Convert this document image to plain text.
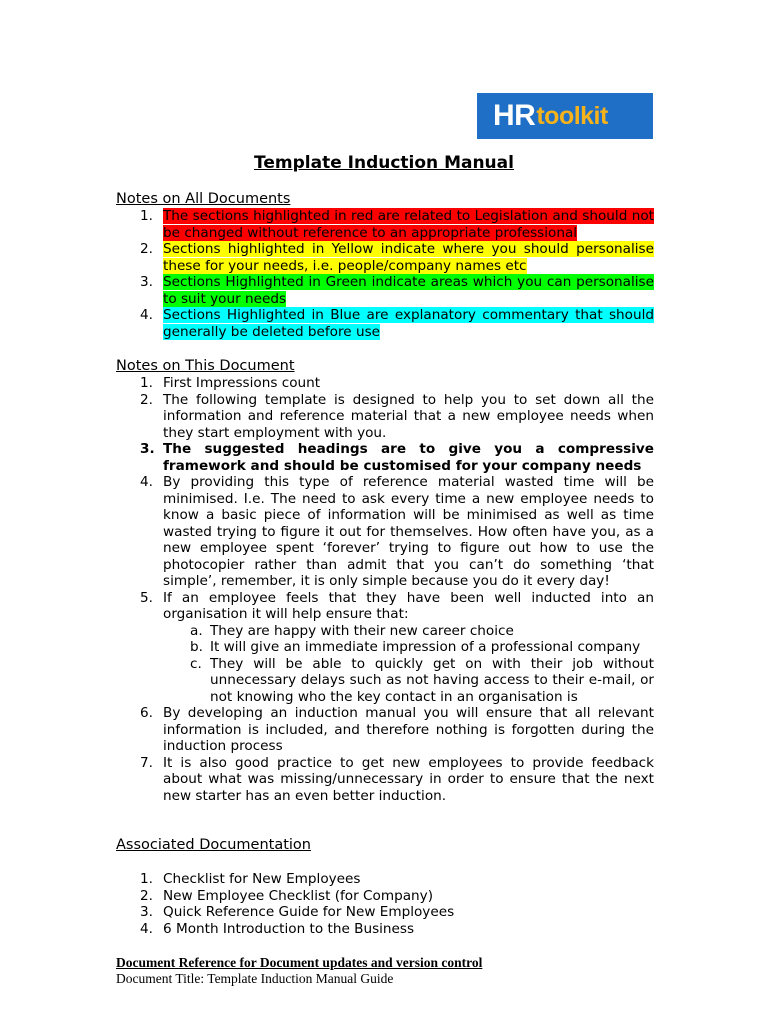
HR toolkit
Template Induction Manual
Notes on All Documents
1. The sections highlighted in red are related to Legislation and should not be changed without reference to an appropriate professional
2. Sections highlighted in Yellow indicate where you should personalise these for your needs, i.e. people/company names etc
3. Sections Highlighted in Green indicate areas which you can personalise to suit your needs
4. Sections Highlighted in Blue are explanatory commentary that should generally be deleted before use
Notes on This Document
1. First Impressions count
2. The following template is designed to help you to set down all the information and reference material that a new employee needs when they start employment with you.
3. The suggested headings are to give you a compressive framework and should be customised for your company needs
4. By providing this type of reference material wasted time will be minimised. I.e. The need to ask every time a new employee needs to know a basic piece of information will be minimised as well as time wasted trying to figure it out for themselves. How often have you, as a new employee spent ‘forever’ trying to figure out how to use the photocopier rather than admit that you can’t do something ‘that simple’, remember, it is only simple because you do it every day!
5. If an employee feels that they have been well inducted into an organisation it will help ensure that:
a. They are happy with their new career choice
b. It will give an immediate impression of a professional company
c. They will be able to quickly get on with their job without unnecessary delays such as not having access to their e-mail, or not knowing who the key contact in an organisation is
6. By developing an induction manual you will ensure that all relevant information is included, and therefore nothing is forgotten during the induction process
7. It is also good practice to get new employees to provide feedback about what was missing/unnecessary in order to ensure that the next new starter has an even better induction.
Associated Documentation
1. Checklist for New Employees
2. New Employee Checklist (for Company)
3. Quick Reference Guide for New Employees
4. 6 Month Introduction to the Business
Document Reference for Document updates and version control
Document Title: Template Induction Manual Guide
